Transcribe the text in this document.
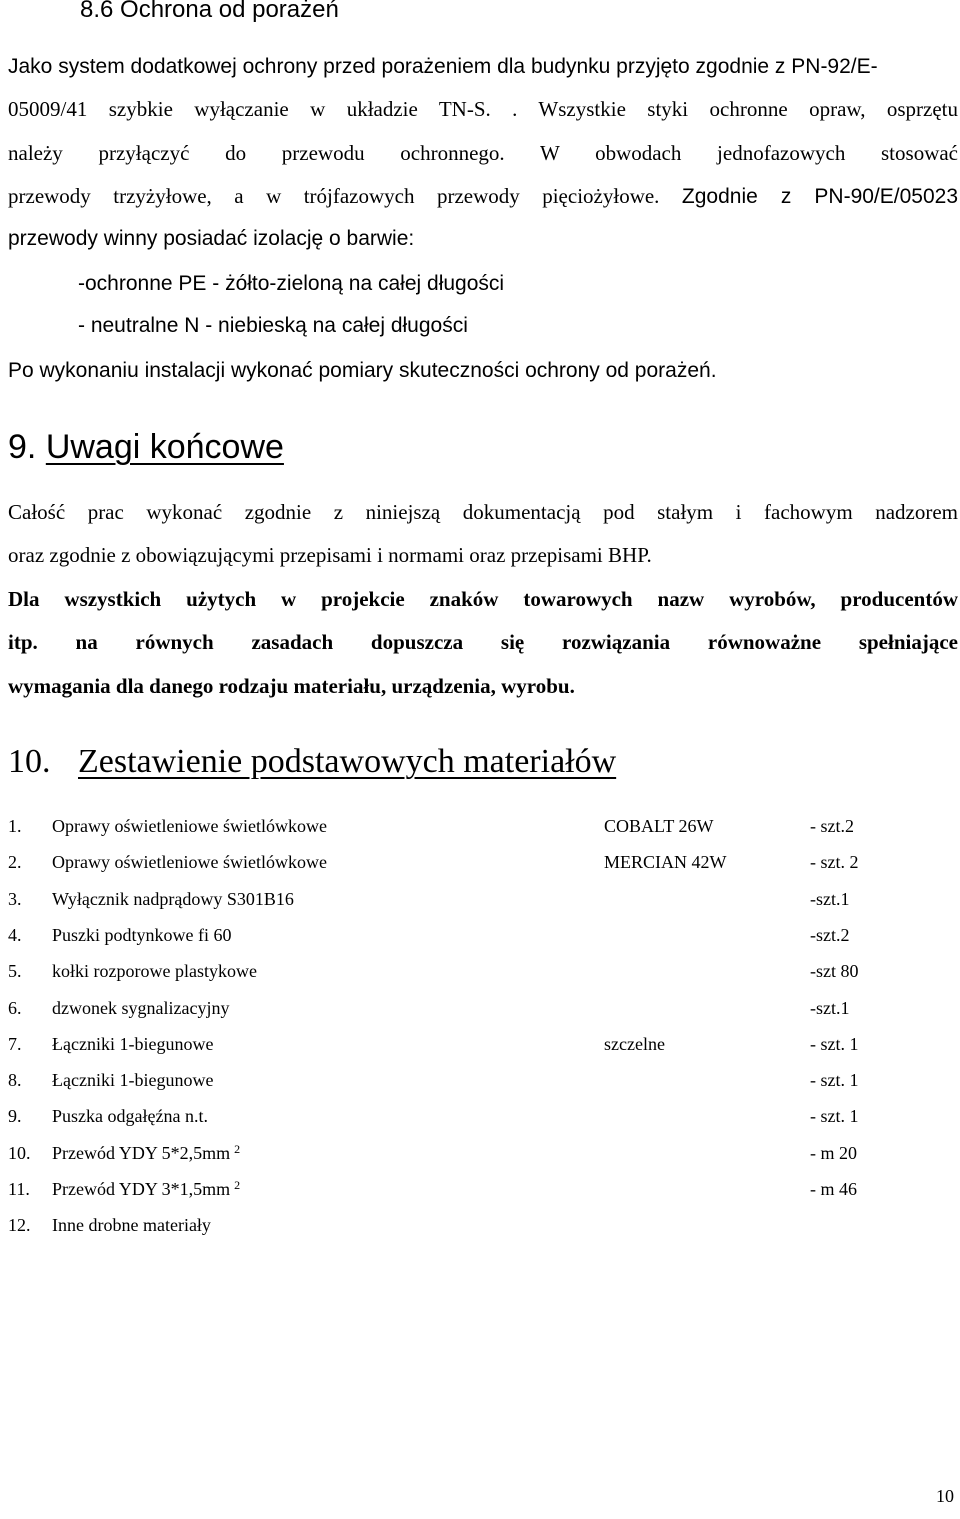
8.6 Ochrona od porażeń
Jako system dodatkowej ochrony przed porażeniem dla budynku przyjęto zgodnie z PN-92/E-
05009/41 szybkie wyłączanie w układzie TN-S. . Wszystkie styki ochronne opraw, osprzętu
należy przyłączyć do przewodu ochronnego. W obwodach jednofazowych stosować
przewody trzyżyłowe, a w trójfazowych przewody pięciożyłowe. Zgodnie z PN-90/E/05023
przewody winny posiadać izolację o barwie:
-ochronne PE - żółto-zieloną na całej długości
- neutralne N - niebieską na całej długości
Po wykonaniu instalacji wykonać pomiary skuteczności ochrony od porażeń.
9. Uwagi końcowe
Całość prac wykonać zgodnie z niniejszą dokumentacją pod stałym i fachowym nadzorem
oraz zgodnie z obowiązującymi przepisami i normami oraz przepisami BHP.
Dla wszystkich użytych w projekcie znaków towarowych nazw wyrobów, producentów
itp. na równych zasadach dopuszcza się rozwiązania równoważne spełniające
wymagania dla danego rodzaju materiału, urządzenia, wyrobu.
10. Zestawienie podstawowych materiałów
1. Oprawy oświetleniowe świetlówkowe	COBALT 26W	- szt.2
2. Oprawy oświetleniowe świetlówkowe	MERCIAN 42W	- szt. 2
3. Wyłącznik nadprądowy S301B16	-szt.1
4. Puszki podtynkowe fi 60	-szt.2
5. kołki rozporowe plastykowe	-szt 80
6. dzwonek sygnalizacyjny	-szt.1
7. Łączniki 1-biegunowe	szczelne	- szt. 1
8. Łączniki 1-biegunowe	- szt. 1
9. Puszka odgałęźna n.t.	- szt. 1
10. Przewód YDY 5*2,5mm $^2$	- m 20
11. Przewód YDY 3*1,5mm $^2$	- m 46
12. Inne drobne materiały
10
